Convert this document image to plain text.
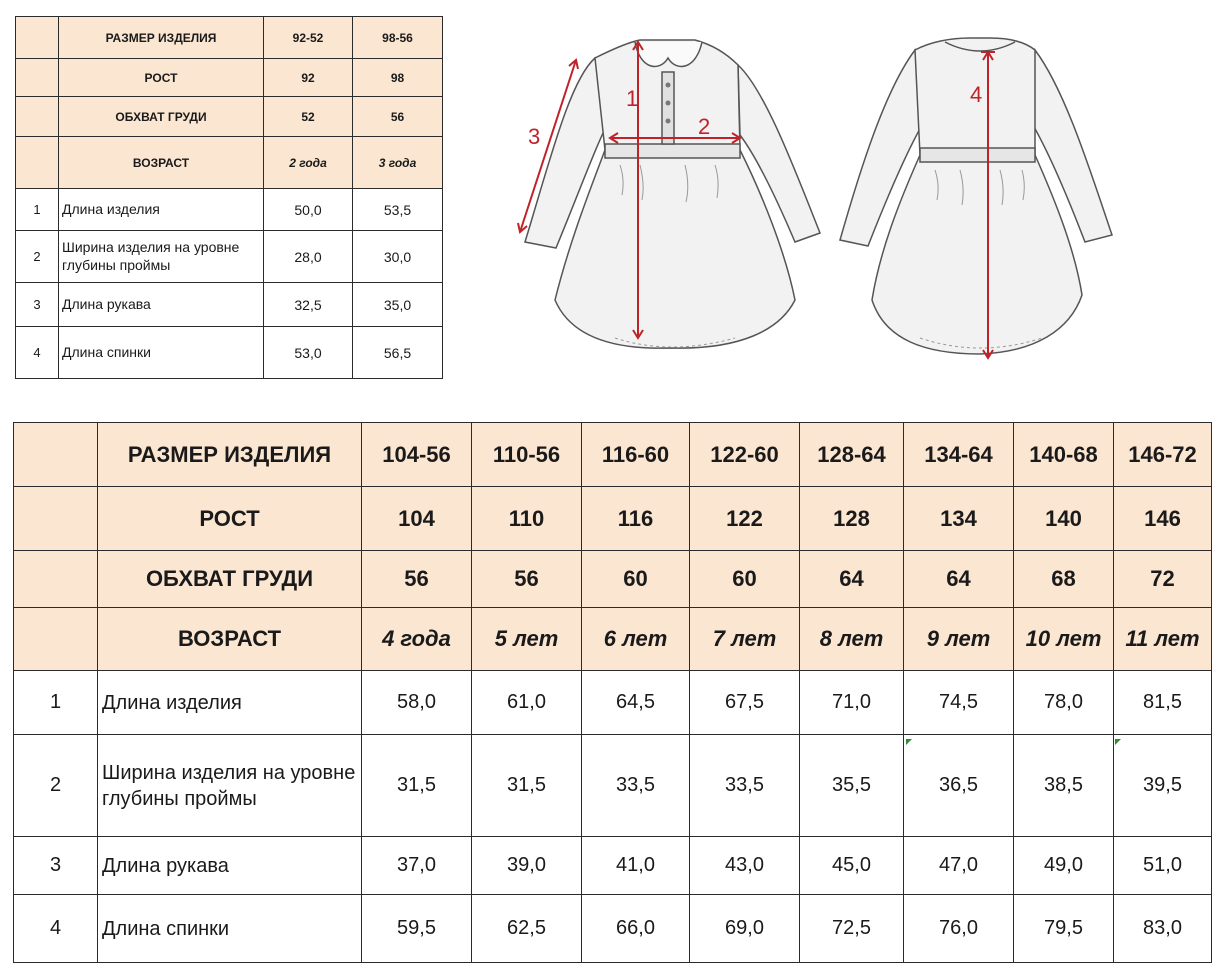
	РАЗМЕР ИЗДЕЛИЯ	92-52	98-56
	РОСТ	92	98
	ОБХВАТ ГРУДИ	52	56
	ВОЗРАСТ	2 года	3 года
1	Длина изделия	50,0	53,5
2	Ширина изделия на уровне глубины проймы	28,0	30,0
3	Длина рукава	32,5	35,0
4	Длина спинки	53,0	56,5
1
2
3
4
	РАЗМЕР ИЗДЕЛИЯ	104-56	110-56	116-60	122-60	128-64	134-64	140-68	146-72
	РОСТ	104	110	116	122	128	134	140	146
	ОБХВАТ ГРУДИ	56	56	60	60	64	64	68	72
	ВОЗРАСТ	4 года	5 лет	6 лет	7 лет	8 лет	9 лет	10 лет	11 лет
1	Длина изделия	58,0	61,0	64,5	67,5	71,0	74,5	78,0	81,5
2	Ширина изделия на уровне глубины проймы	31,5	31,5	33,5	33,5	35,5	36,5	38,5	39,5
3	Длина рукава	37,0	39,0	41,0	43,0	45,0	47,0	49,0	51,0
4	Длина спинки	59,5	62,5	66,0	69,0	72,5	76,0	79,5	83,0
